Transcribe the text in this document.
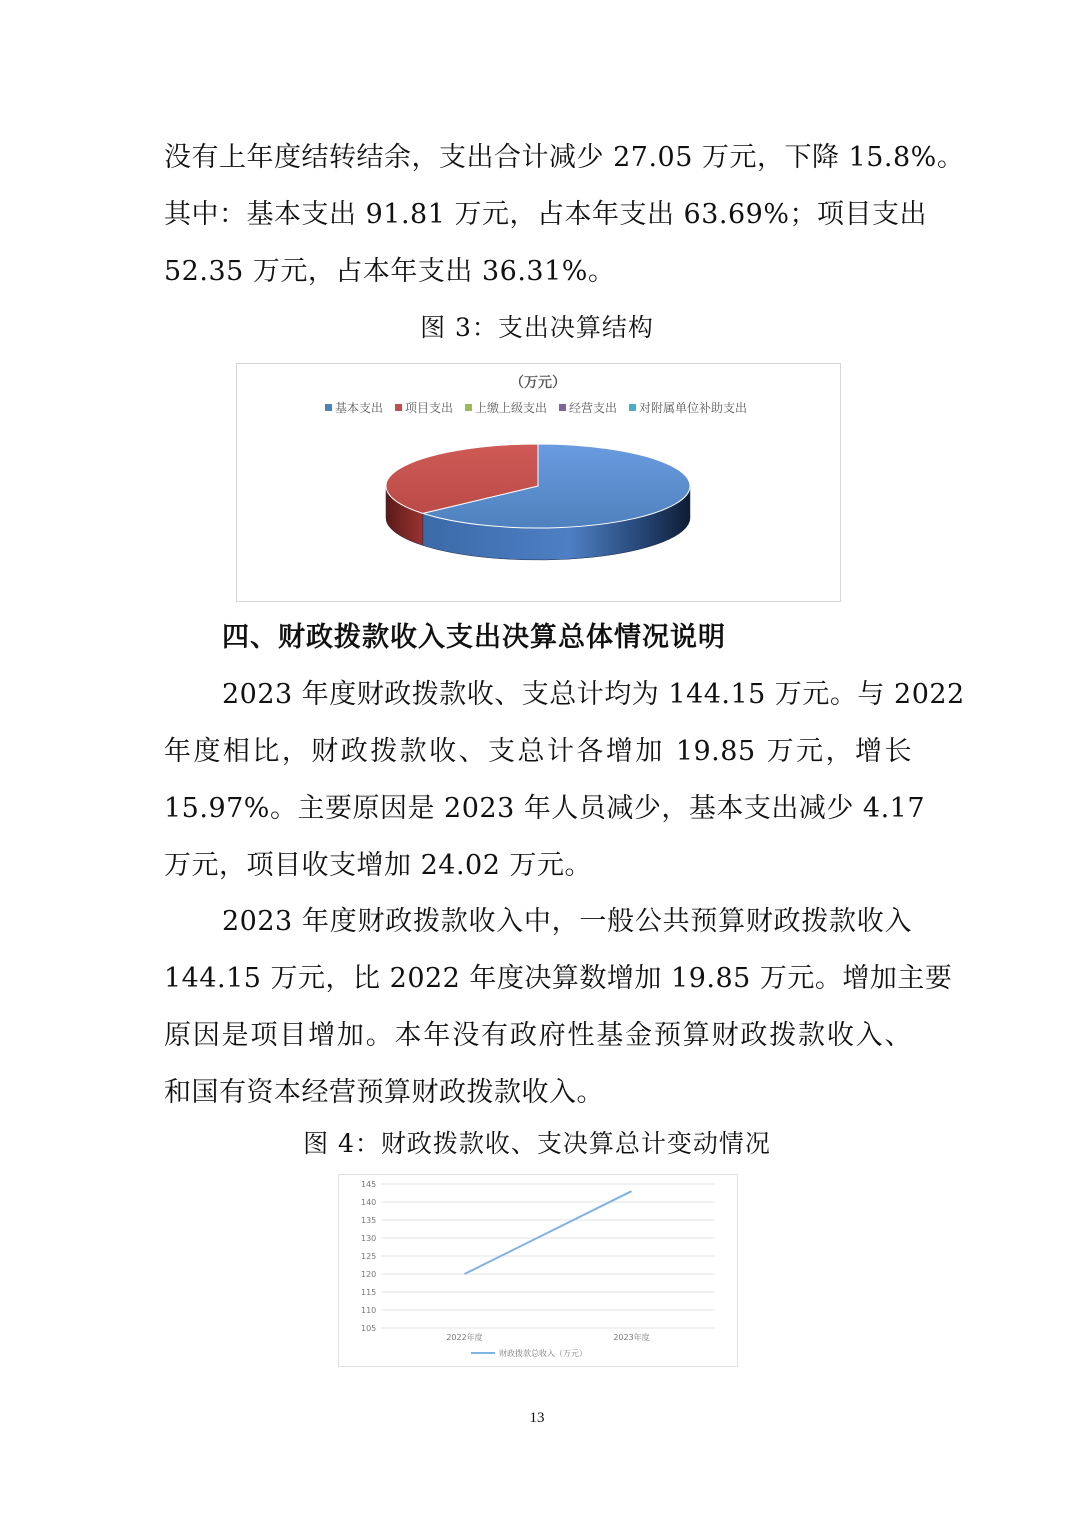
没有上年度结转结余，支出合计减少 27.05 万元，下降 15.8%。
其中：基本支出 91.81 万元，占本年支出 63.69%；项目支出
52.35 万元，占本年支出 36.31%。
图 3：支出决算结构
（万元）
基本支出 项目支出 上缴上级支出 经营支出 对附属单位补助支出
四、财政拨款收入支出决算总体情况说明
2023 年度财政拨款收、支总计均为 144.15 万元。与 2022
年度相比，财政拨款收、支总计各增加 19.85 万元，增长
15.97%。主要原因是 2023 年人员减少，基本支出减少 4.17
万元，项目收支增加 24.02 万元。
2023 年度财政拨款收入中，一般公共预算财政拨款收入
144.15 万元，比 2022 年度决算数增加 19.85 万元。增加主要
原因是项目增加。本年没有政府性基金预算财政拨款收入、
和国有资本经营预算财政拨款收入。
图 4：财政拨款收、支决算总计变动情况
105
110
115
120
125
130
135
140
145
2022年度	2023年度
财政拨款总收入（万元）
13
